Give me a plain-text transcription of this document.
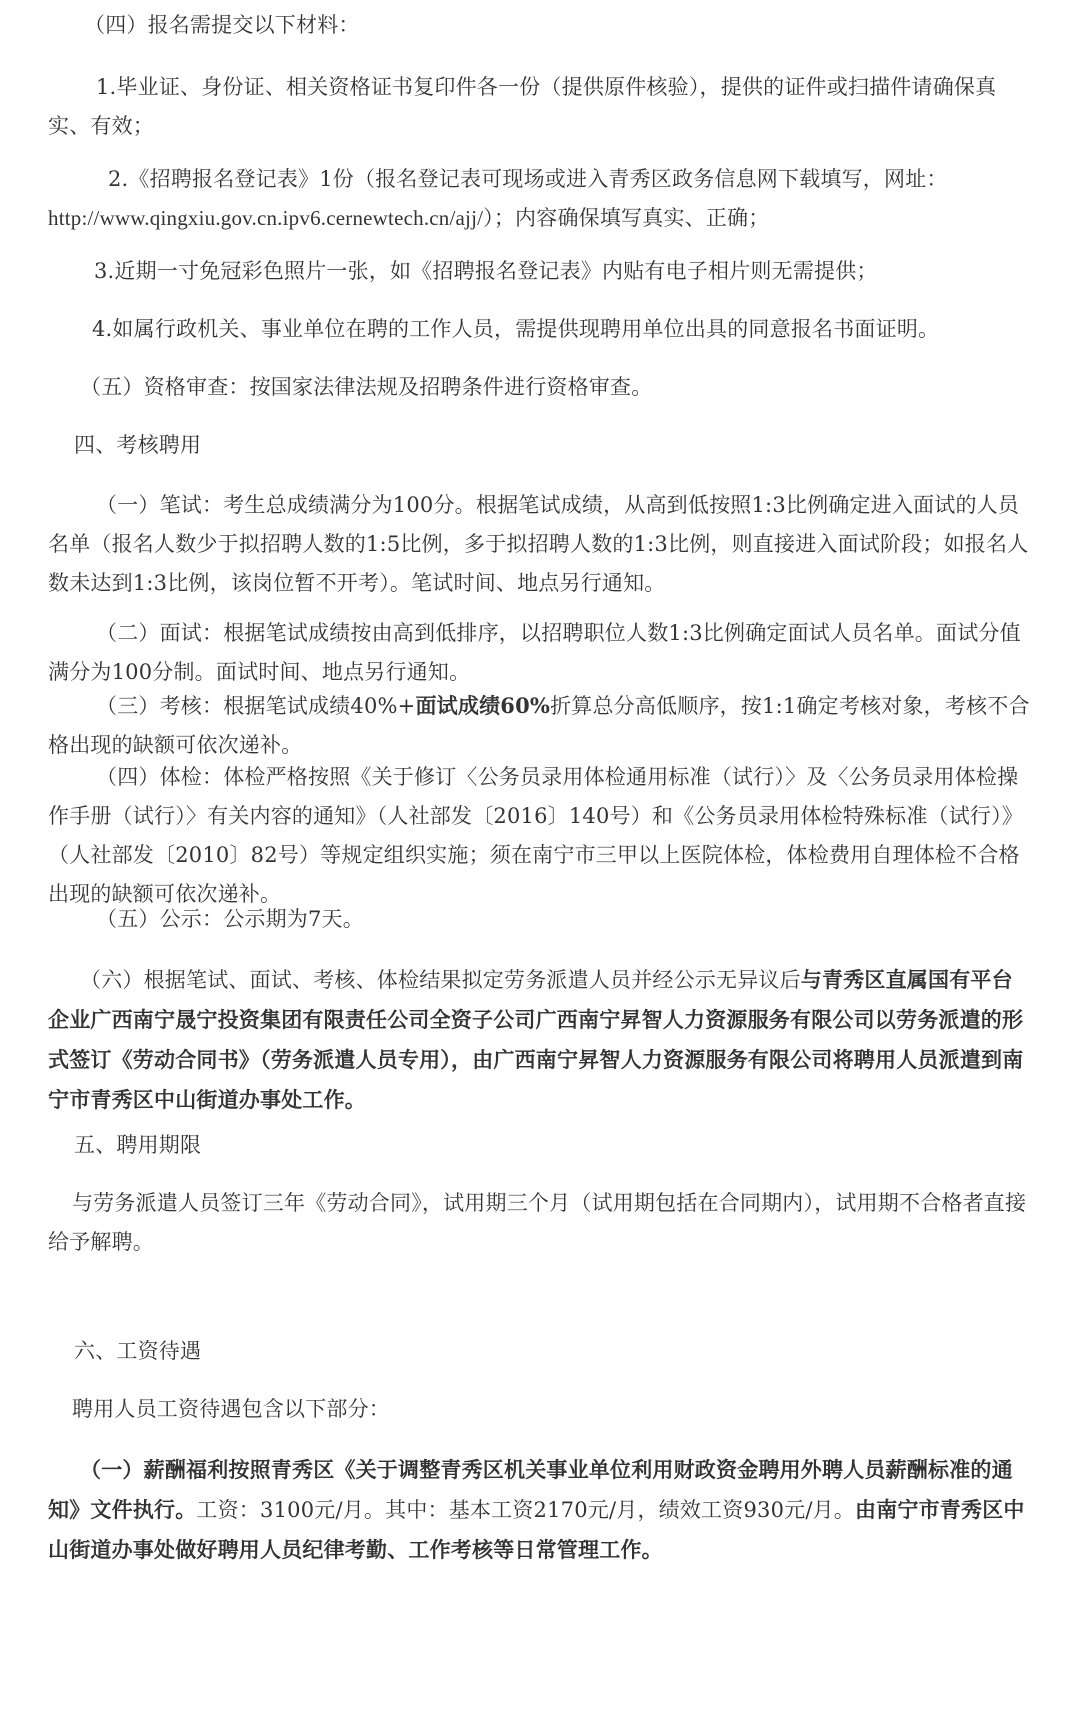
（四）报名需提交以下材料：

1.毕业证、身份证、相关资格证书复印件各一份（提供原件核验），提供的证件或扫描件请确保真实、有效；

2.《招聘报名登记表》1份（报名登记表可现场或进入青秀区政务信息网下载填写，网址：
http://www.qingxiu.gov.cn.ipv6.cernewtech.cn/ajj/）；内容确保填写真实、正确；

3.近期一寸免冠彩色照片一张，如《招聘报名登记表》内贴有电子相片则无需提供；

4.如属行政机关、事业单位在聘的工作人员，需提供现聘用单位出具的同意报名书面证明。

（五）资格审查：按国家法律法规及招聘条件进行资格审查。

四、考核聘用

（一）笔试：考生总成绩满分为100分。根据笔试成绩，从高到低按照1:3比例确定进入面试的人员名单（报名人数少于拟招聘人数的1:5比例，多于拟招聘人数的1:3比例，则直接进入面试阶段；如报名人数未达到1:3比例，该岗位暂不开考）。笔试时间、地点另行通知。

（二）面试：根据笔试成绩按由高到低排序，以招聘职位人数1:3比例确定面试人员名单。面试分值满分为100分制。面试时间、地点另行通知。

（三）考核：根据笔试成绩40%+面试成绩60%折算总分高低顺序，按1:1确定考核对象，考核不合格出现的缺额可依次递补。

（四）体检：体检严格按照《关于修订〈公务员录用体检通用标准（试行）〉及〈公务员录用体检操作手册（试行）〉有关内容的通知》（人社部发〔2016〕140号）和《公务员录用体检特殊标准（试行）》（人社部发〔2010〕82号）等规定组织实施；须在南宁市三甲以上医院体检，体检费用自理体检不合格出现的缺额可依次递补。

（五）公示：公示期为7天。

（六）根据笔试、面试、考核、体检结果拟定劳务派遣人员并经公示无异议后与青秀区直属国有平台企业广西南宁晟宁投资集团有限责任公司全资子公司广西南宁昇智人力资源服务有限公司以劳务派遣的形式签订《劳动合同书》（劳务派遣人员专用），由广西南宁昇智人力资源服务有限公司将聘用人员派遣到南宁市青秀区中山街道办事处工作。

五、聘用期限

与劳务派遣人员签订三年《劳动合同》，试用期三个月（试用期包括在合同期内），试用期不合格者直接给予解聘。

六、工资待遇

聘用人员工资待遇包含以下部分：

（一）薪酬福利按照青秀区《关于调整青秀区机关事业单位利用财政资金聘用外聘人员薪酬标准的通知》文件执行。工资：3100元/月。其中：基本工资2170元/月，绩效工资930元/月。由南宁市青秀区中山街道办事处做好聘用人员纪律考勤、工作考核等日常管理工作。
